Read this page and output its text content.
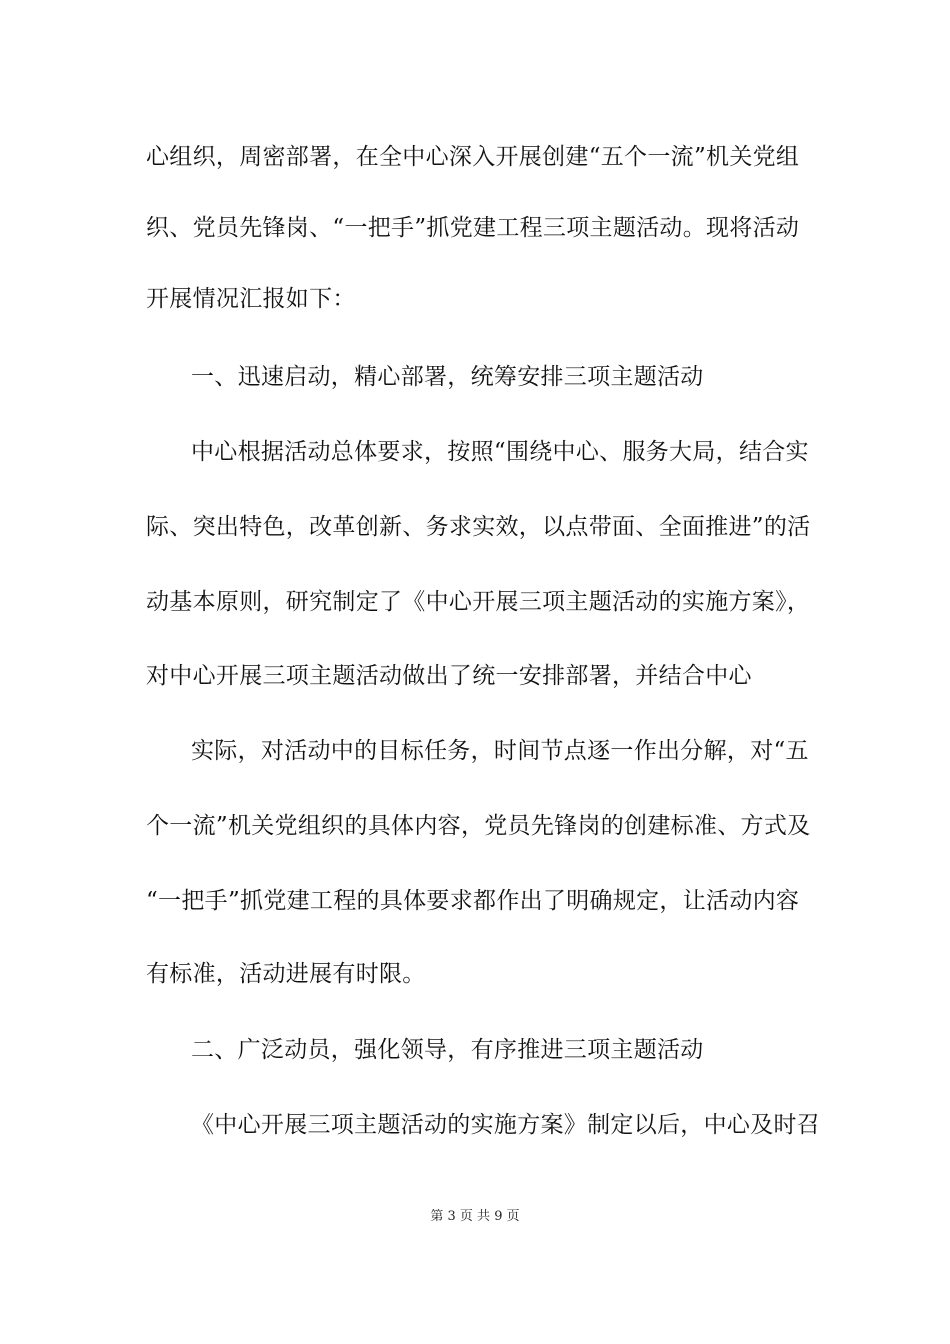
心组织，周密部署，在全中心深入开展创建“五个一流”机关党组
织、党员先锋岗、“一把手”抓党建工程三项主题活动。现将活动
开展情况汇报如下：
一、迅速启动，精心部署，统筹安排三项主题活动
中心根据活动总体要求，按照“围绕中心、服务大局，结合实
际、突出特色，改革创新、务求实效，以点带面、全面推进”的活
动基本原则，研究制定了《中心开展三项主题活动的实施方案》，
对中心开展三项主题活动做出了统一安排部署，并结合中心
实际，对活动中的目标任务，时间节点逐一作出分解，对“五
个一流”机关党组织的具体内容，党员先锋岗的创建标准、方式及
“一把手”抓党建工程的具体要求都作出了明确规定，让活动内容
有标准，活动进展有时限。
二、广泛动员，强化领导，有序推进三项主题活动
《中心开展三项主题活动的实施方案》制定以后，中心及时召
第 3 页 共 9 页
